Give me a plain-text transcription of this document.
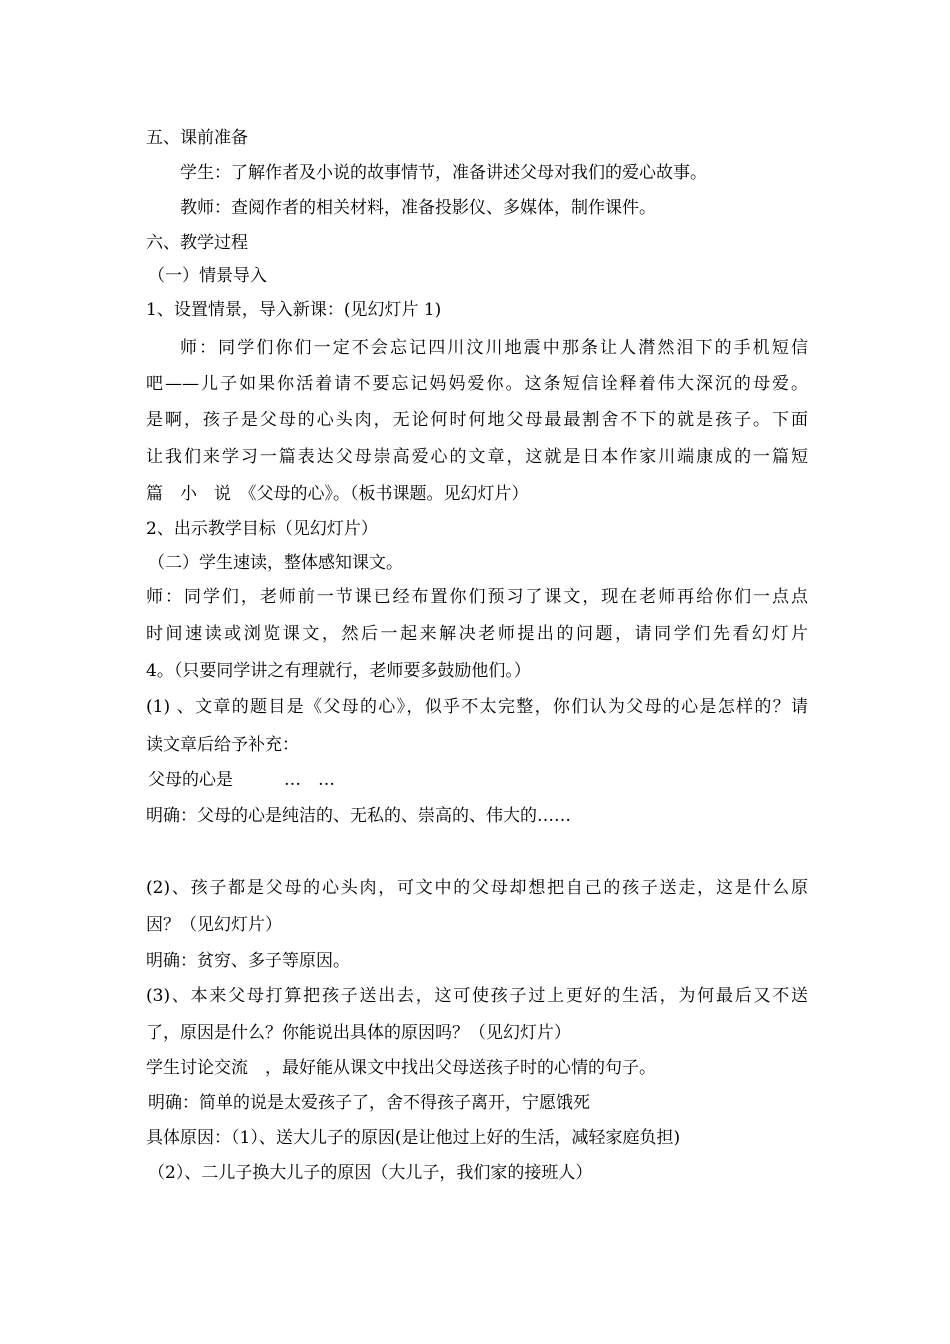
五、课前准备
学生：了解作者及小说的故事情节，准备讲述父母对我们的爱心故事。
教师：查阅作者的相关材料，准备投影仪、多媒体，制作课件。
六、教学过程
（一）情景导入
1、设置情景，导入新课：(见幻灯片 1)
师：同学们你们一定不会忘记四川汶川地震中那条让人潸然泪下的手机短信
吧——儿子如果你活着请不要忘记妈妈爱你。这条短信诠释着伟大深沉的母爱。
是啊，孩子是父母的心头肉，无论何时何地父母最最割舍不下的就是孩子。下面
让我们来学习一篇表达父母崇高爱心的文章，这就是日本作家川端康成的一篇短
篇　小　说　《父母的心》。（板书课题。见幻灯片）
2、出示教学目标（见幻灯片）
（二）学生速读，整体感知课文。
师：同学们，老师前一节课已经布置你们预习了课文，现在老师再给你们一点点
时间速读或浏览课文，然后一起来解决老师提出的问题，请同学们先看幻灯片
4。（只要同学讲之有理就行，老师要多鼓励他们。）
(1) 、文章的题目是《父母的心》，似乎不太完整，你们认为父母的心是怎样的？请
读文章后给予补充：
父母的心是　　　…　…
明确：父母的心是纯洁的、无私的、崇高的、伟大的……
(2)、孩子都是父母的心头肉，可文中的父母却想把自己的孩子送走，这是什么原
因？（见幻灯片）
明确：贫穷、多子等原因。
(3)、本来父母打算把孩子送出去，这可使孩子过上更好的生活，为何最后又不送
了，原因是什么？你能说出具体的原因吗？（见幻灯片）
学生讨论交流　，最好能从课文中找出父母送孩子时的心情的句子。
明确：简单的说是太爱孩子了，舍不得孩子离开，宁愿饿死
具体原因：（1）、送大儿子的原因(是让他过上好的生活，减轻家庭负担)
（2）、二儿子换大儿子的原因（大儿子，我们家的接班人）
